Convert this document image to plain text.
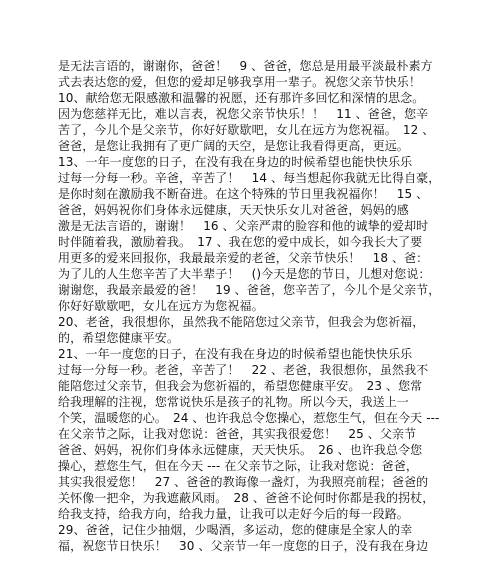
是无法言语的，谢谢你，爸爸！　9 、爸爸，您总是用最平淡最朴素方
式去表达您的爱，但您的爱却足够我享用一辈子。祝您父亲节快乐！
10、献给您无限感激和温馨的祝愿，还有那许多回忆和深情的思念。
因为您慈祥无比，难以言表，祝您父亲节快乐！！　11 、爸爸，您辛
苦了，今儿个是父亲节，你好好歇歇吧，女儿在远方为您祝福。　12 、
爸爸，是您让我拥有了更广阔的天空，是您让我看得更高，更远。
13、一年一度您的日子，在没有我在身边的时候希望也能快快乐乐
过每一分每一秒。辛爸，辛苦了！　14 、每当想起你我就无比得自豪，
是你时刻在激励我不断奋进。在这个特殊的节日里我祝福你！　15 、
爸爸，妈妈祝你们身体永远健康，天天快乐女儿对爸爸，妈妈的感
激是无法言语的，谢谢！　16 、父亲严肃的脸容和他的诚挚的爱却时
时伴随着我，激励着我。　17 、我在您的爱中成长，如今我长大了要
用更多的爱来回报你，我最最亲爱的老爸，父亲节快乐！　18 、爸：
为了儿的人生您辛苦了大半辈子！　()今天是您的节日，儿想对您说：
谢谢您，我最亲最爱的爸！　19 、爸爸，您辛苦了，今儿个是父亲节，
你好好歇歇吧，女儿在远方为您祝福。
20、老爸，我很想你，虽然我不能陪您过父亲节，但我会为您祈福，
的，希望您健康平安。
21、一年一度您的日子，在没有我在身边的时候希望也能快快乐乐
过每一分每一秒。老爸，辛苦了！　22 、老爸，我很想你，虽然我不
能陪您过父亲节，但我会为您祈福的，希望您健康平安。　23 、您常
给我理解的注视，您常说快乐是孩子的礼物。所以今天，我送上一
个笑，温暖您的心。　24 、也许我总令您操心，惹您生气，但在今天 ---
在父亲节之际，让我对您说：爸爸，其实我很爱您！　25 、父亲节
爸爸、妈妈，祝你们身体永远健康，天天快乐。　26 、也许我总令您
操心，惹您生气，但在今天 --- 在父亲节之际，让我对您说：爸爸，
其实我很爱您！　27 、爸爸的教诲像一盏灯，为我照亮前程；爸爸的
关怀像一把伞，为我遮蔽风雨。　28 、爸爸不论何时你都是我的拐杖，
给我支持，给我方向，给我力量，让我可以走好今后的每一段路。
29、爸爸，记住少抽烟，少喝酒，多运动，您的健康是全家人的幸
福，祝您节日快乐！　30 、父亲节一年一度您的日子，没有我在身边
